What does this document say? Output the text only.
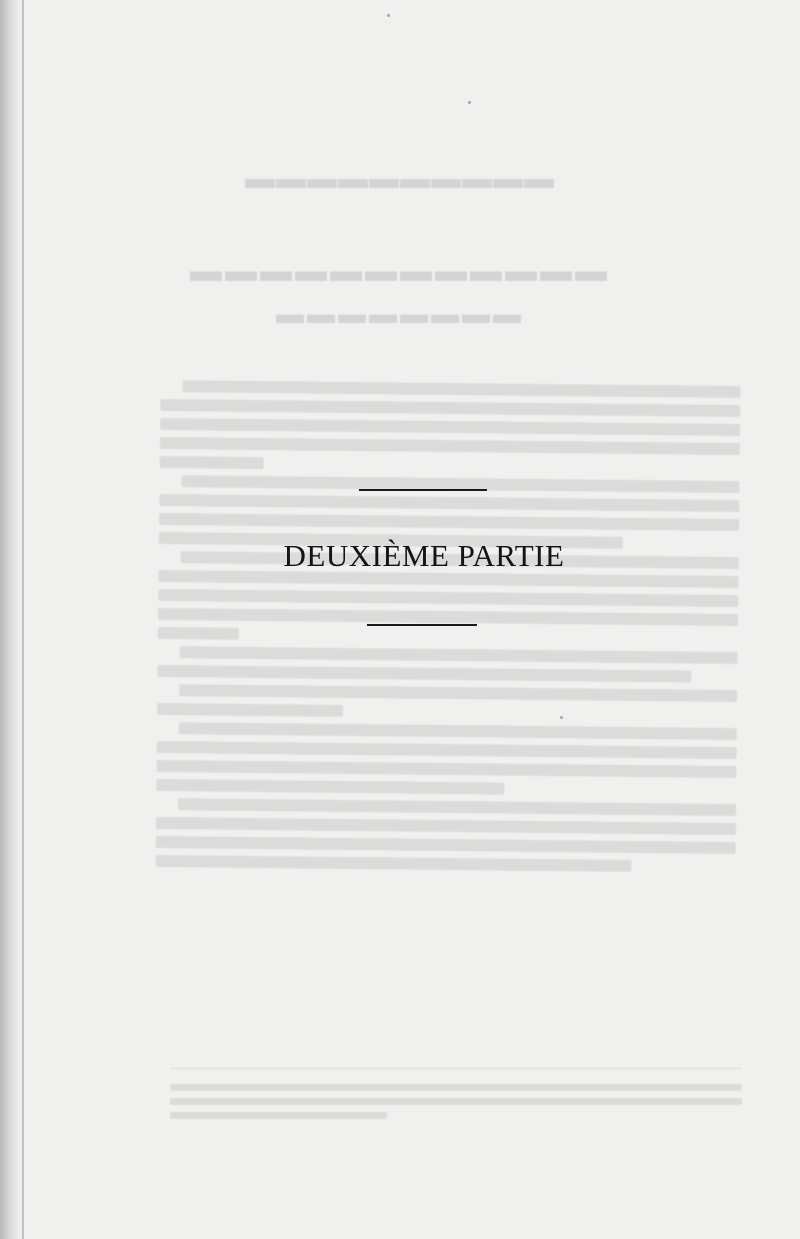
▬▬▬▬▬▬▬▬▬▬
▬▬▬▬▬▬▬▬▬▬▬▬
▬▬▬▬▬▬▬▬
DEUXIÈME PARTIE
